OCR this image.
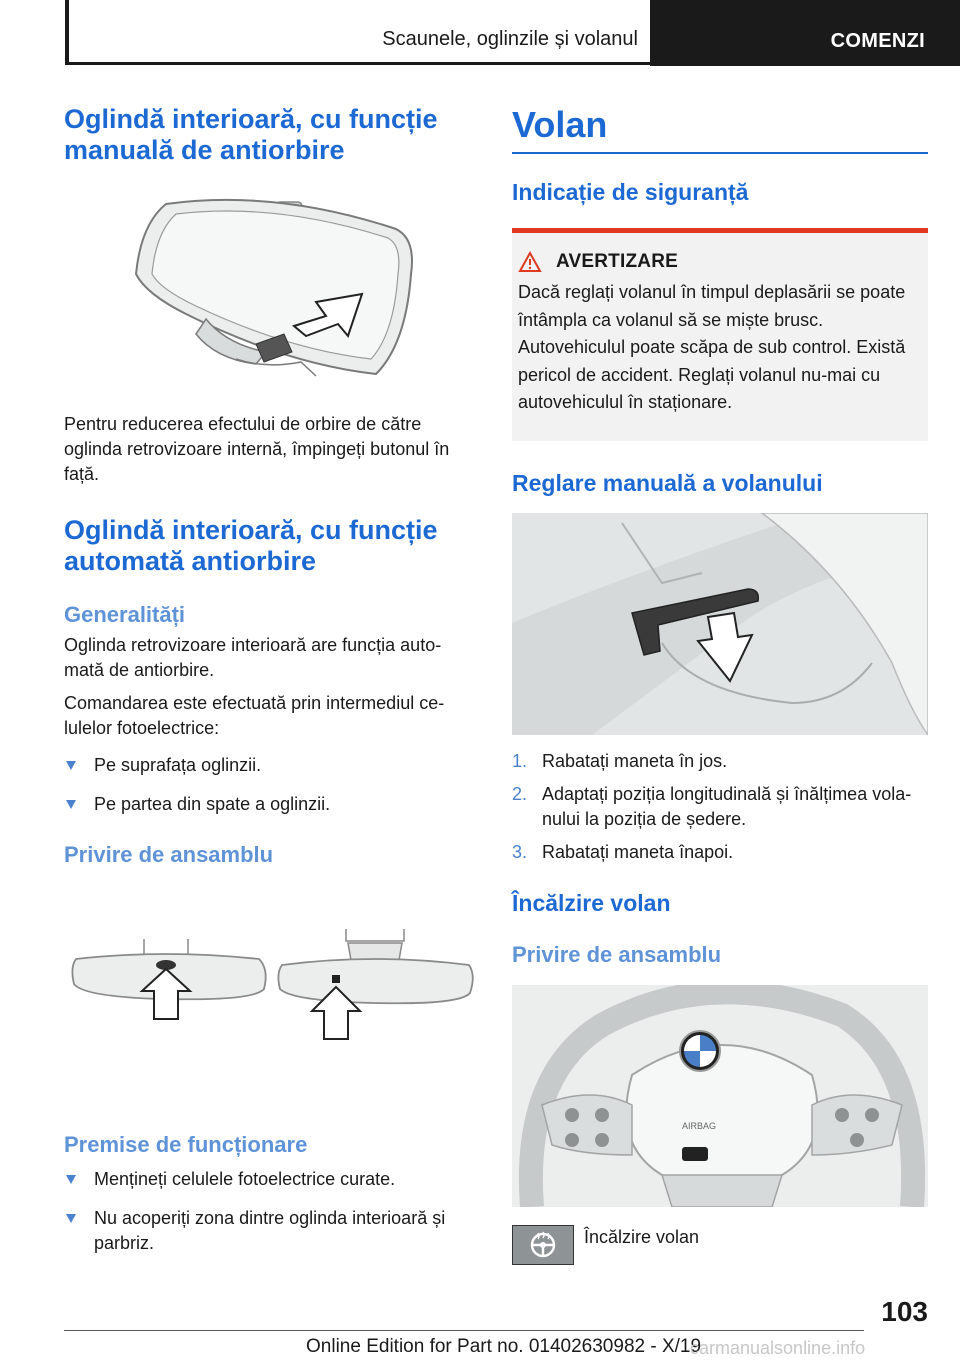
Scaunele, oglinzile și volanul	COMENZI
Oglindă interioară, cu funcție manuală de antiorbire

Pentru reducerea efectului de orbire de către oglinda retrovizoare internă, împingeți butonul în față.

Oglindă interioară, cu funcție automată antiorbire
Generalități

Oglinda retrovizoare interioară are funcția auto‐mată de antiorbire.

Comandarea este efectuată prin intermediul ce‐lulelor fotoelectrice:

Pe suprafața oglinzii.
Pe partea din spate a oglinzii.
Privire de ansamblu
Premise de funcționare
Mențineți celulele fotoelectrice curate.
Nu acoperiți zona dintre oglinda interioară și parbriz.
Volan
Indicație de siguranță
AVERTIZARE

Dacă reglați volanul în timpul deplasării se poate întâmpla ca volanul să se miște brusc. Autovehiculul poate scăpa de sub control. Există pericol de accident. Reglați volanul nu‐mai cu autovehiculul în staționare.

Reglare manuală a volanului
1. Rabatați maneta în jos.
2. Adaptați poziția longitudinală și înălțimea vola‐nului la poziția de ședere.
3. Rabatați maneta înapoi.
Încălzire volan
Privire de ansamblu
AIRBAG
Încălzire volan
103
Online Edition for Part no. 01402630982 - X/19
carmanualsonline.info
